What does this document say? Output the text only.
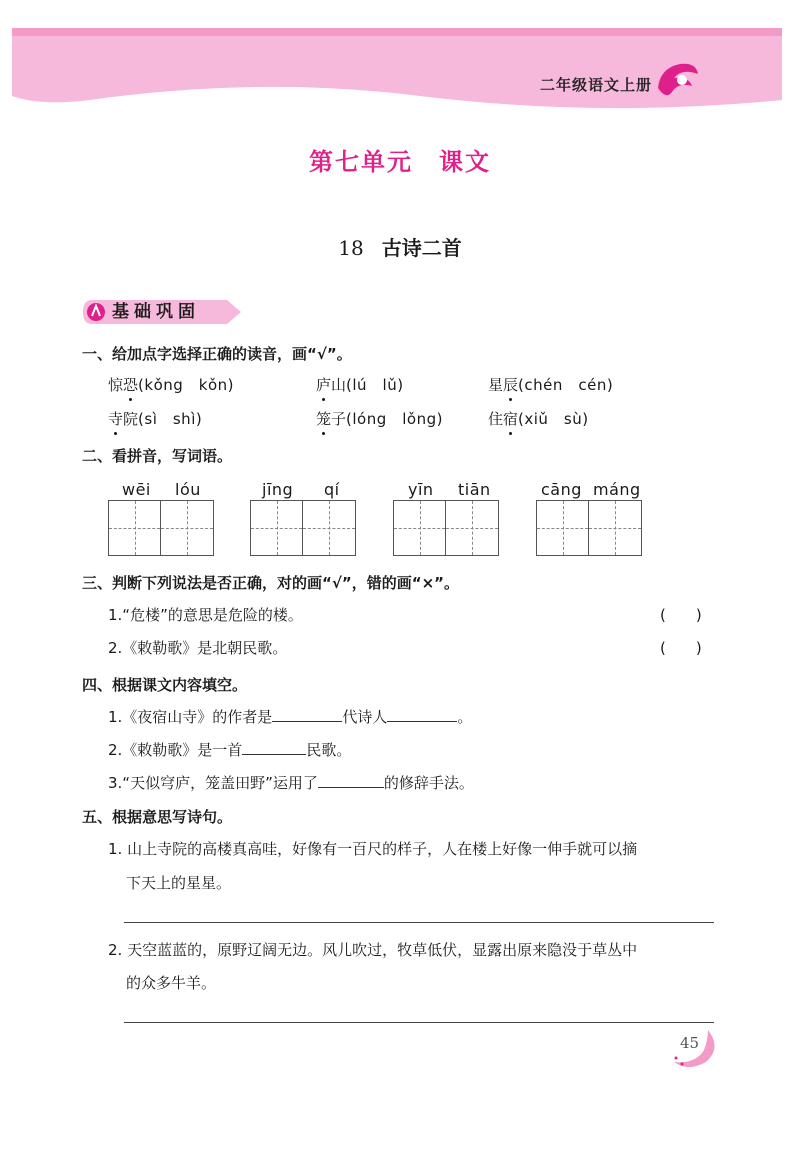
二年级语文上册
第七单元　课文
18 古诗二首
基础巩固
一、给加点字选择正确的读音，画“√”。
惊恐(kǒng　kǒn)	庐山(lú　lǔ)	星辰(chén　cén)
寺院(sì　shì)	笼子(lóng　lǒng)	住宿(xiǔ　sù)
二、看拼音，写词语。
wēi lóu	jīng qí	yīn tiān	cāng máng
三、判断下列说法是否正确，对的画“√”，错的画“×”。
1.“危楼”的意思是危险的楼。	(　　)
2.《敕勒歌》是北朝民歌。	(　　)
四、根据课文内容填空。
1.《夜宿山寺》的作者是	代诗人	。
2.《敕勒歌》是一首	民歌。
3.“天似穹庐，笼盖田野”运用了	的修辞手法。
五、根据意思写诗句。
1. 山上寺院的高楼真高哇，好像有一百尺的样子，人在楼上好像一伸手就可以摘
下天上的星星。
2. 天空蓝蓝的，原野辽阔无边。风儿吹过，牧草低伏，显露出原来隐没于草丛中
的众多牛羊。
45
